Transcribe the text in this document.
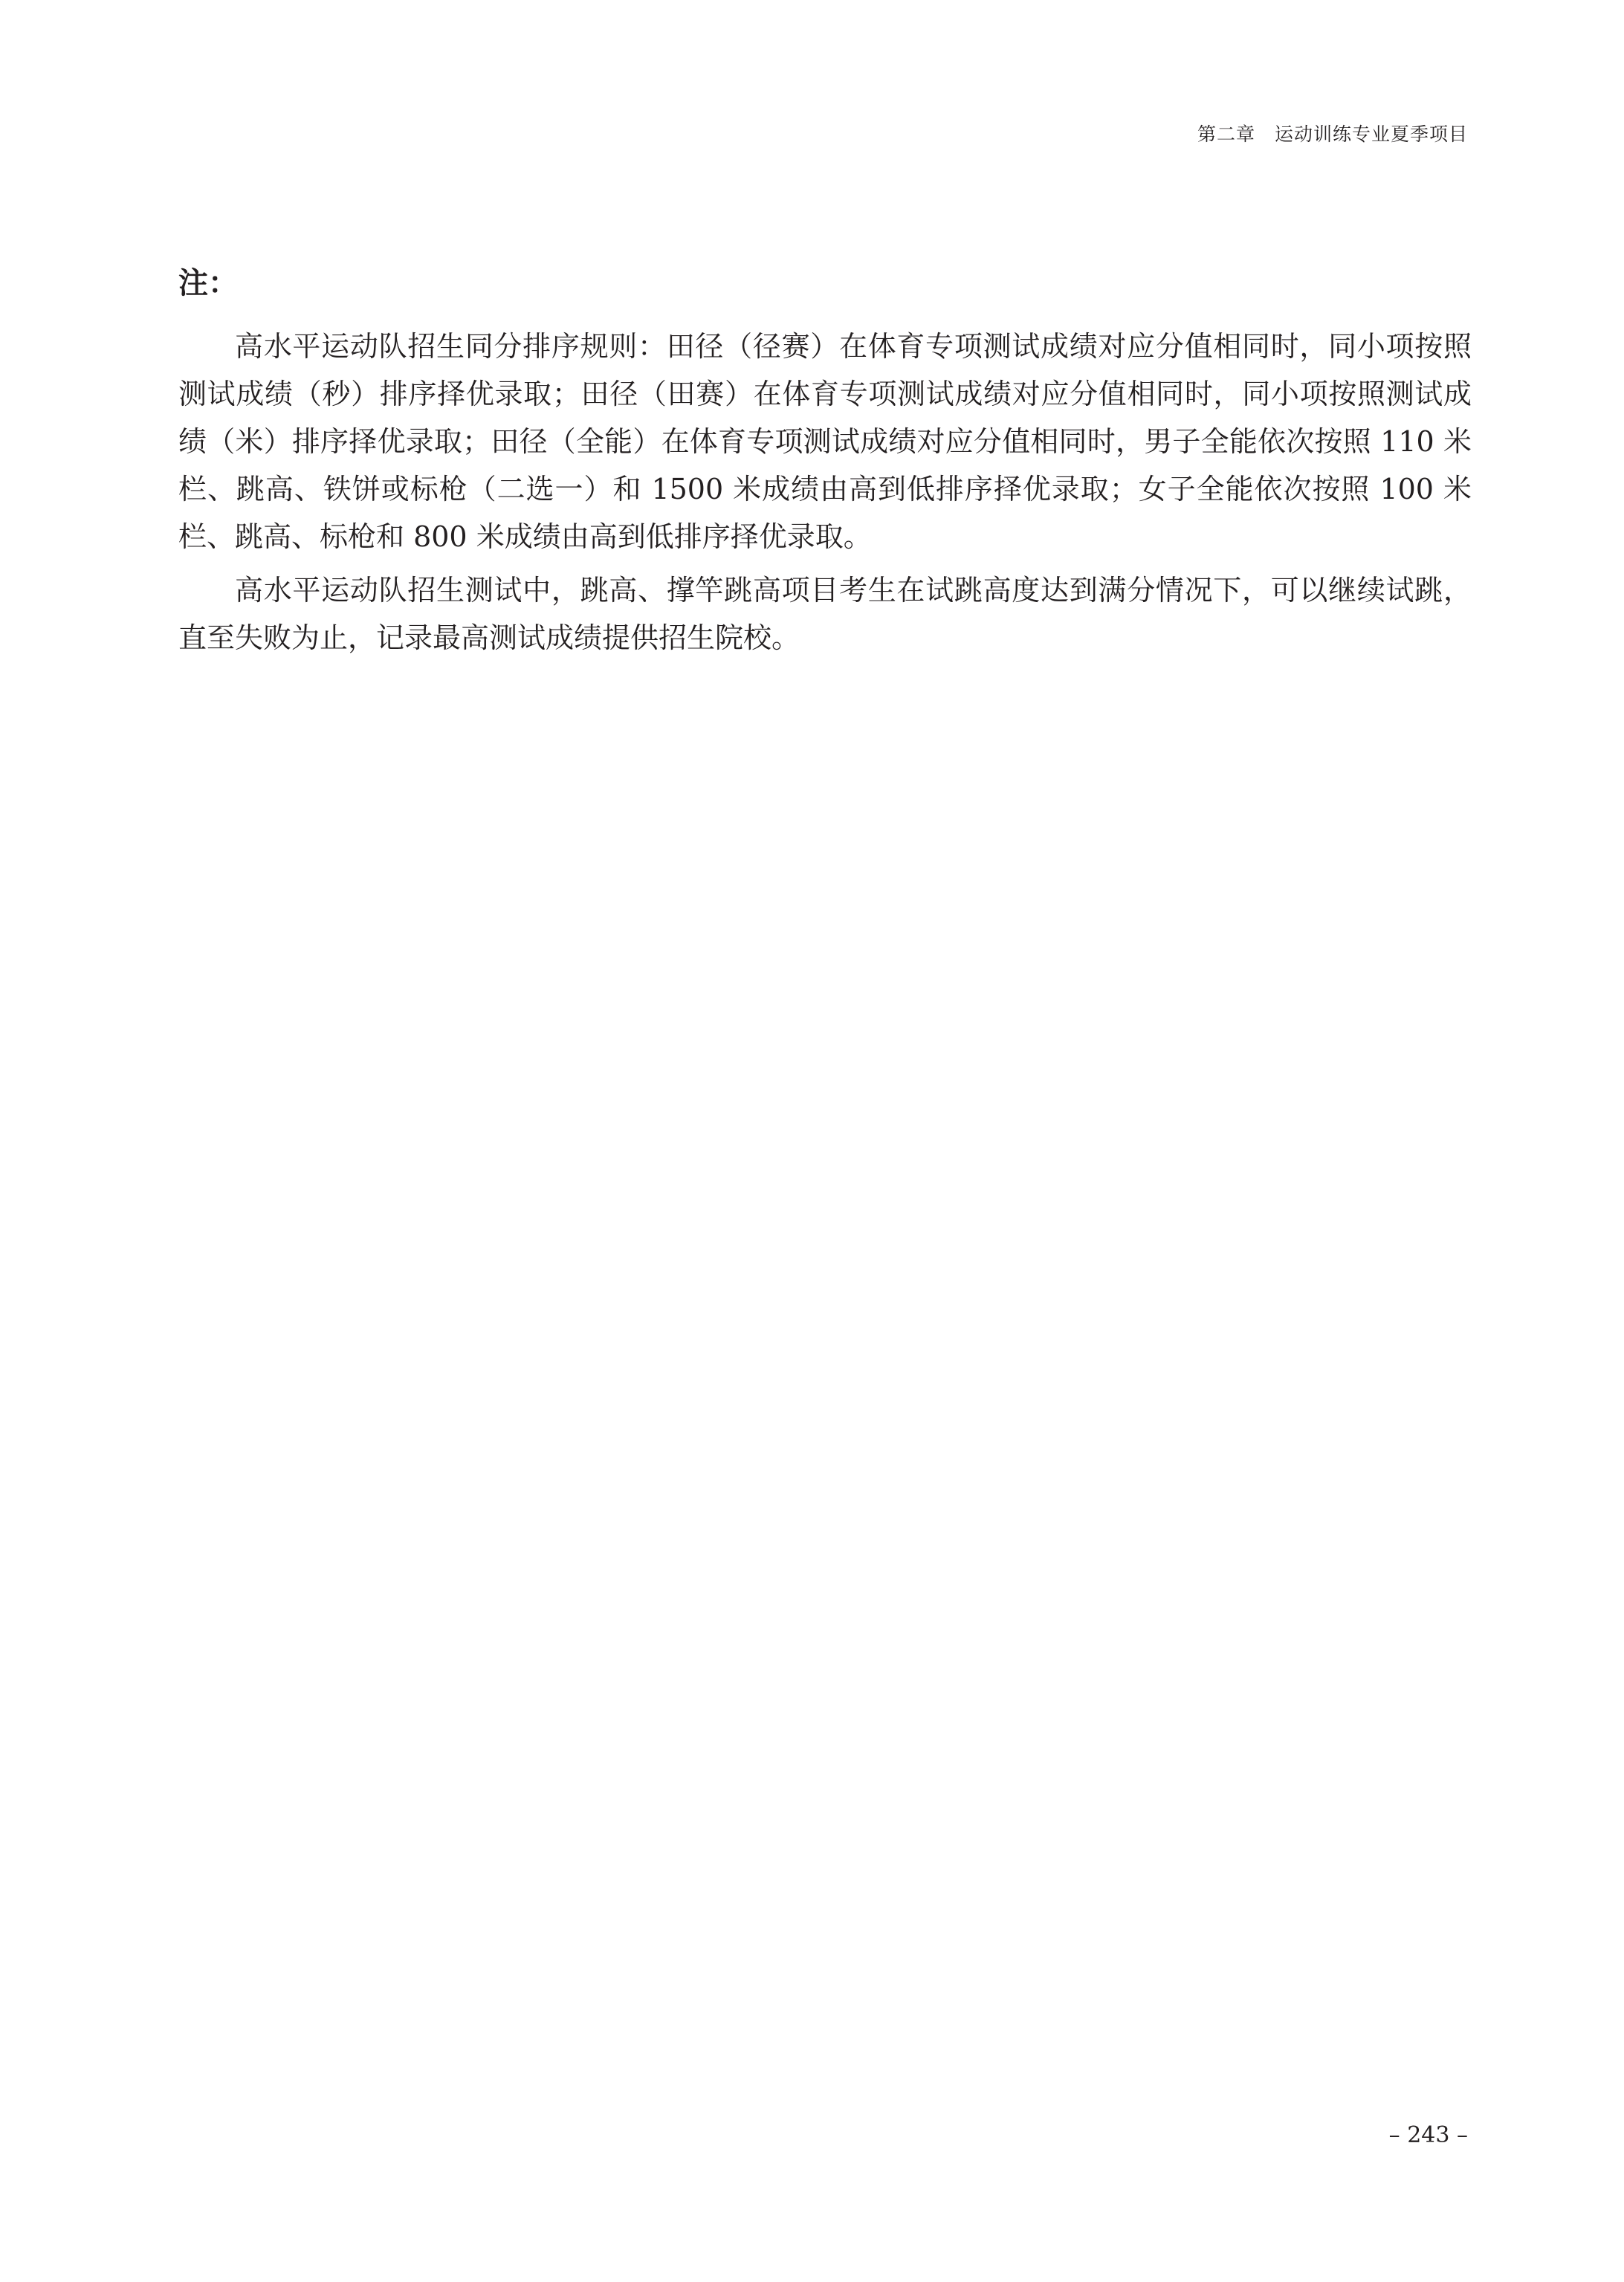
第二章　运动训练专业夏季项目
注：

高水平运动队招生同分排序规则：田径（径赛）在体育专项测试成绩对应分值相同时，同小项按照测试成绩（秒）排序择优录取；田径（田赛）在体育专项测试成绩对应分值相同时，同小项按照测试成绩（米）排序择优录取；田径（全能）在体育专项测试成绩对应分值相同时，男子全能依次按照 110 米栏、跳高、铁饼或标枪（二选一）和 1500 米成绩由高到低排序择优录取；女子全能依次按照 100 米栏、跳高、标枪和 800 米成绩由高到低排序择优录取。

高水平运动队招生测试中，跳高、撑竿跳高项目考生在试跳高度达到满分情况下，可以继续试跳，直至失败为止，记录最高测试成绩提供招生院校。

– 243 –
